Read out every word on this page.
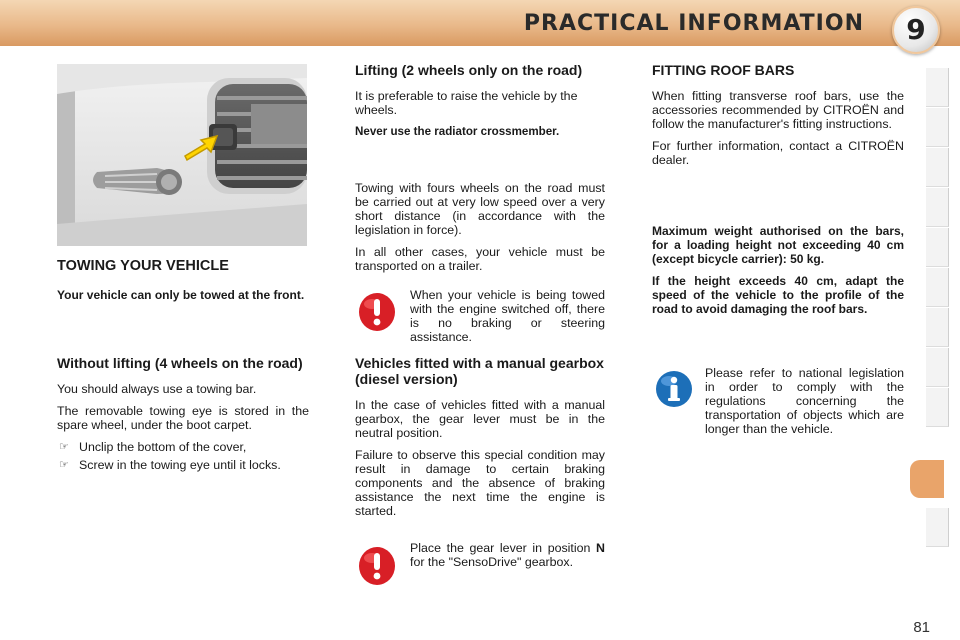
PRACTICAL INFORMATION	9
TOWING YOUR VEHICLE

Your vehicle can only be towed at the front.

Without lifting (4 wheels on the road)

You should always use a towing bar.

The removable towing eye is stored in the spare wheel, under the boot carpet.

☞ Unclip the bottom of the cover,
☞ Screw in the towing eye until it locks.
Lifting (2 wheels only on the road)

It is preferable to raise the vehicle by the wheels.

Never use the radiator crossmember.

Towing with fours wheels on the road must be carried out at very low speed over a very short distance (in accordance with the legislation in force).

In all other cases, your vehicle must be transported on a trailer.

When your vehicle is being towed with the engine switched off, there is no braking or steering assistance.

Vehicles fitted with a manual gearbox (diesel version)

In the case of vehicles fitted with a manual gearbox, the gear lever must be in the neutral position.

Failure to observe this special condition may result in damage to certain braking components and the absence of braking assistance the next time the engine is started.

Place the gear lever in position N for the "SensoDrive" gearbox.

FITTING ROOF BARS

When fitting transverse roof bars, use the accessories recommended by CITROËN and follow the manufacturer's fitting instructions.

For further information, contact a CITROËN dealer.

Maximum weight authorised on the bars, for a loading height not exceeding 40 cm (except bicycle carrier): 50 kg.

If the height exceeds 40 cm, adapt the speed of the vehicle to the profile of the road to avoid damaging the roof bars.

Please refer to national legislation in order to comply with the regulations concerning the transportation of objects which are longer than the vehicle.

81
